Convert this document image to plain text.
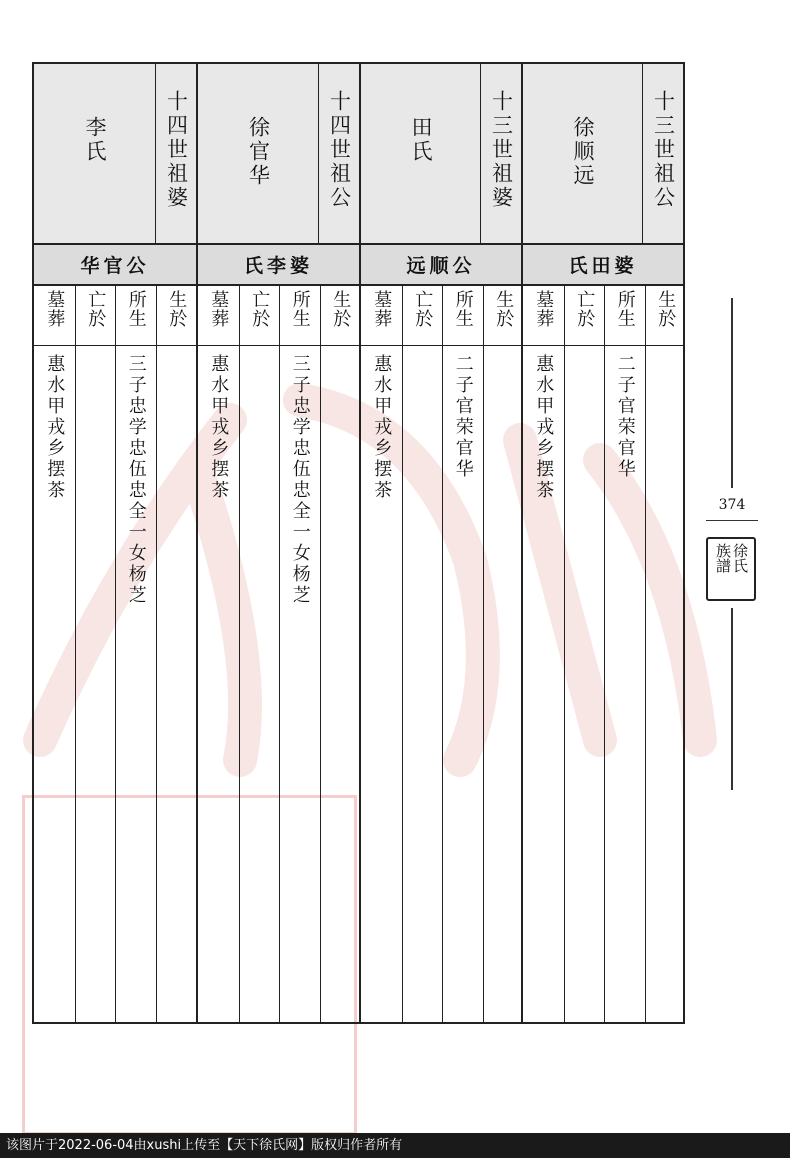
十三世祖公
徐顺远
氏田婆
墓葬
惠水甲戎乡摆茶
亡於 所生
二子官荣官华
生於
十三世祖婆
田氏
远顺公
墓葬
惠水甲戎乡摆茶
亡於 所生
二子官荣官华
生於
十四世祖公
徐官华
氏李婆
墓葬
惠水甲戎乡摆茶
亡於 所生
三子忠学忠伍忠全一女杨芝
生於
十四世祖婆
李氏
华官公
墓葬
惠水甲戎乡摆茶
亡於 所生
三子忠学忠伍忠全一女杨芝
生於
374
徐氏
族譜
该图片于2022-06-04由xushi上传至【天下徐氏网】版权归作者所有
